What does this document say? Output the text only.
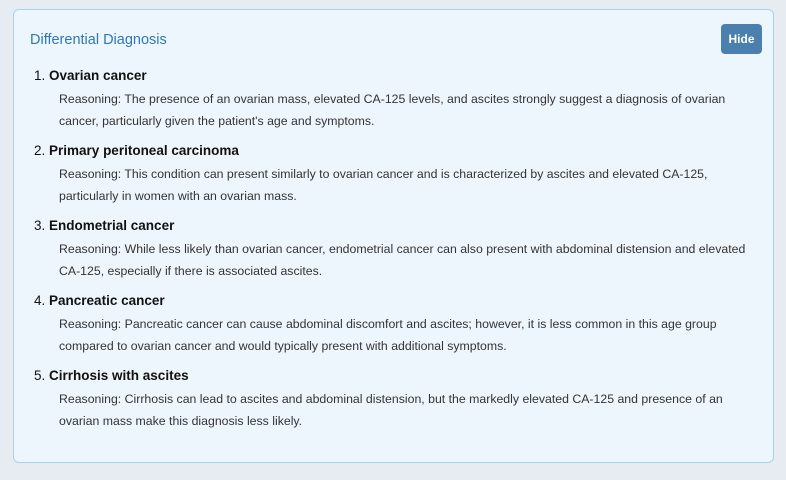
Differential Diagnosis	Hide
1. Ovarian cancer
Reasoning: The presence of an ovarian mass, elevated CA-125 levels, and ascites strongly suggest a diagnosis of ovarian cancer, particularly given the patient's age and symptoms.
2. Primary peritoneal carcinoma
Reasoning: This condition can present similarly to ovarian cancer and is characterized by ascites and elevated CA-125, particularly in women with an ovarian mass.
3. Endometrial cancer
Reasoning: While less likely than ovarian cancer, endometrial cancer can also present with abdominal distension and elevated CA-125, especially if there is associated ascites.
4. Pancreatic cancer
Reasoning: Pancreatic cancer can cause abdominal discomfort and ascites; however, it is less common in this age group compared to ovarian cancer and would typically present with additional symptoms.
5. Cirrhosis with ascites
Reasoning: Cirrhosis can lead to ascites and abdominal distension, but the markedly elevated CA-125 and presence of an ovarian mass make this diagnosis less likely.
